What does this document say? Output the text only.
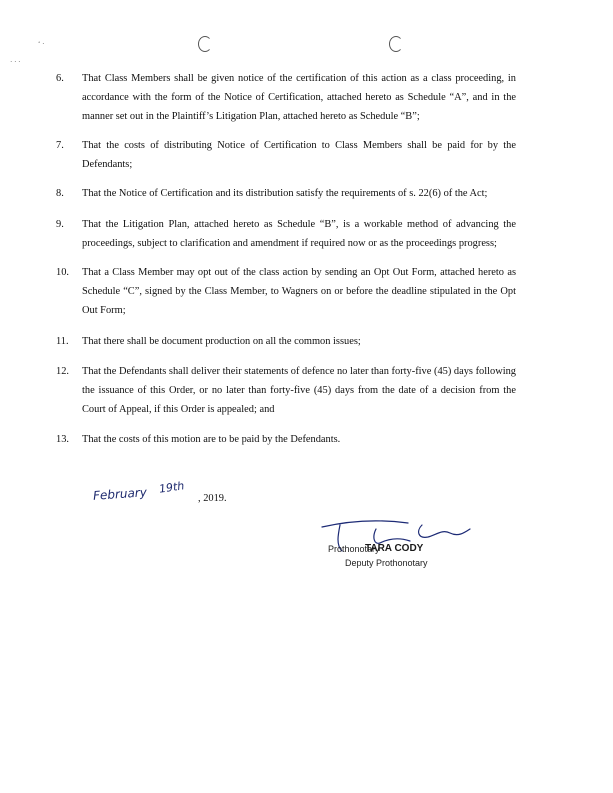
‘ ·
· · ·
6.	That Class Members shall be given notice of the certification of this action as a class proceeding, in accordance with the form of the Notice of Certification, attached hereto as Schedule “A”, and in the manner set out in the Plaintiff’s Litigation Plan, attached hereto as Schedule “B”;
7.	That the costs of distributing Notice of Certification to Class Members shall be paid for by the Defendants;
8.	That the Notice of Certification and its distribution satisfy the requirements of s. 22(6) of the Act;
9.	That the Litigation Plan, attached hereto as Schedule “B”, is a workable method of advancing the proceedings, subject to clarification and amendment if required now or as the proceedings progress;
10.	That a Class Member may opt out of the class action by sending an Opt Out Form, attached hereto as Schedule “C”, signed by the Class Member, to Wagners on or before the deadline stipulated in the Opt Out Form;
11.	That there shall be document production on all the common issues;
12.	That the Defendants shall deliver their statements of defence no later than forty-five (45) days following the issuance of this Order, or no later than forty-five (45) days from the date of a decision from the Court of Appeal, if this Order is appealed; and
13.	That the costs of this motion are to be paid by the Defendants.
February 19th
, 2019.
Prothonotary
TARA CODY
Deputy Prothonotary
